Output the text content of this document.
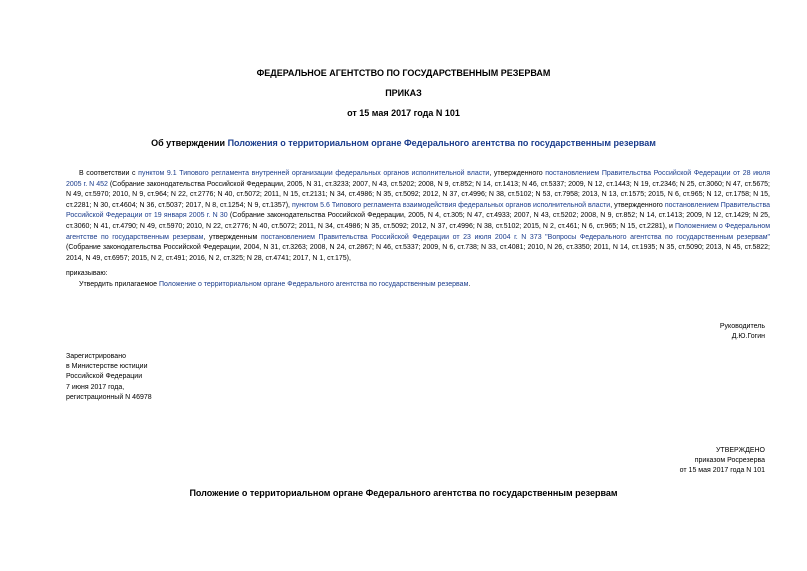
ФЕДЕРАЛЬНОЕ АГЕНТСТВО ПО ГОСУДАРСТВЕННЫМ РЕЗЕРВАМ
ПРИКАЗ
от 15 мая 2017 года N 101
Об утверждении Положения о территориальном органе Федерального агентства по государственным резервам
В соответствии с пунктом 9.1 Типового регламента внутренней организации федеральных органов исполнительной власти, утвержденного постановлением Правительства Российской Федерации от 28 июля 2005 г. N 452 (Собрание законодательства Российской Федерации, 2005, N 31, ст.3233; 2007, N 43, ст.5202; 2008, N 9, ст.852; N 14, ст.1413; N 46, ст.5337; 2009, N 12, ст.1443; N 19, ст.2346; N 25, ст.3060; N 47, ст.5675; N 49, ст.5970; 2010, N 9, ст.964; N 22, ст.2776; N 40, ст.5072; 2011, N 15, ст.2131; N 34, ст.4986; N 35, ст.5092; 2012, N 37, ст.4996; N 38, ст.5102; N 53, ст.7958; 2013, N 13, ст.1575; 2015, N 6, ст.965; N 12, ст.1758; N 15, ст.2281; N 30, ст.4604; N 36, ст.5037; 2017, N 8, ст.1254; N 9, ст.1357), пунктом 5.6 Типового регламента взаимодействия федеральных органов исполнительной власти, утвержденного постановлением Правительства Российской Федерации от 19 января 2005 г. N 30 (Собрание законодательства Российской Федерации, 2005, N 4, ст.305; N 47, ст.4933; 2007, N 43, ст.5202; 2008, N 9, ст.852; N 14, ст.1413; 2009, N 12, ст.1429; N 25, ст.3060; N 41, ст.4790; N 49, ст.5970; 2010, N 22, ст.2776; N 40, ст.5072; 2011, N 34, ст.4986; N 35, ст.5092; 2012, N 37, ст.4996; N 38, ст.5102; 2015, N 2, ст.461; N 6, ст.965; N 15, ст.2281), и Положением о Федеральном агентстве по государственным резервам, утвержденным постановлением Правительства Российской Федерации от 23 июля 2004 г. N 373 "Вопросы Федерального агентства по государственным резервам" (Собрание законодательства Российской Федерации, 2004, N 31, ст.3263; 2008, N 24, ст.2867; N 46, ст.5337; 2009, N 6, ст.738; N 33, ст.4081; 2010, N 26, ст.3350; 2011, N 14, ст.1935; N 35, ст.5090; 2013, N 45, ст.5822; 2014, N 49, ст.6957; 2015, N 2, ст.491; 2016, N 2, ст.325; N 28, ст.4741; 2017, N 1, ст.175),
приказываю:
Утвердить прилагаемое Положение о территориальном органе Федерального агентства по государственным резервам.
Руководитель
Д.Ю.Гогин
Зарегистрировано
в Министерстве юстиции
Российской Федерации
7 июня 2017 года,
регистрационный N 46978
УТВЕРЖДЕНО
приказом Росрезерва
от 15 мая 2017 года N 101
Положение о территориальном органе Федерального агентства по государственным резервам
